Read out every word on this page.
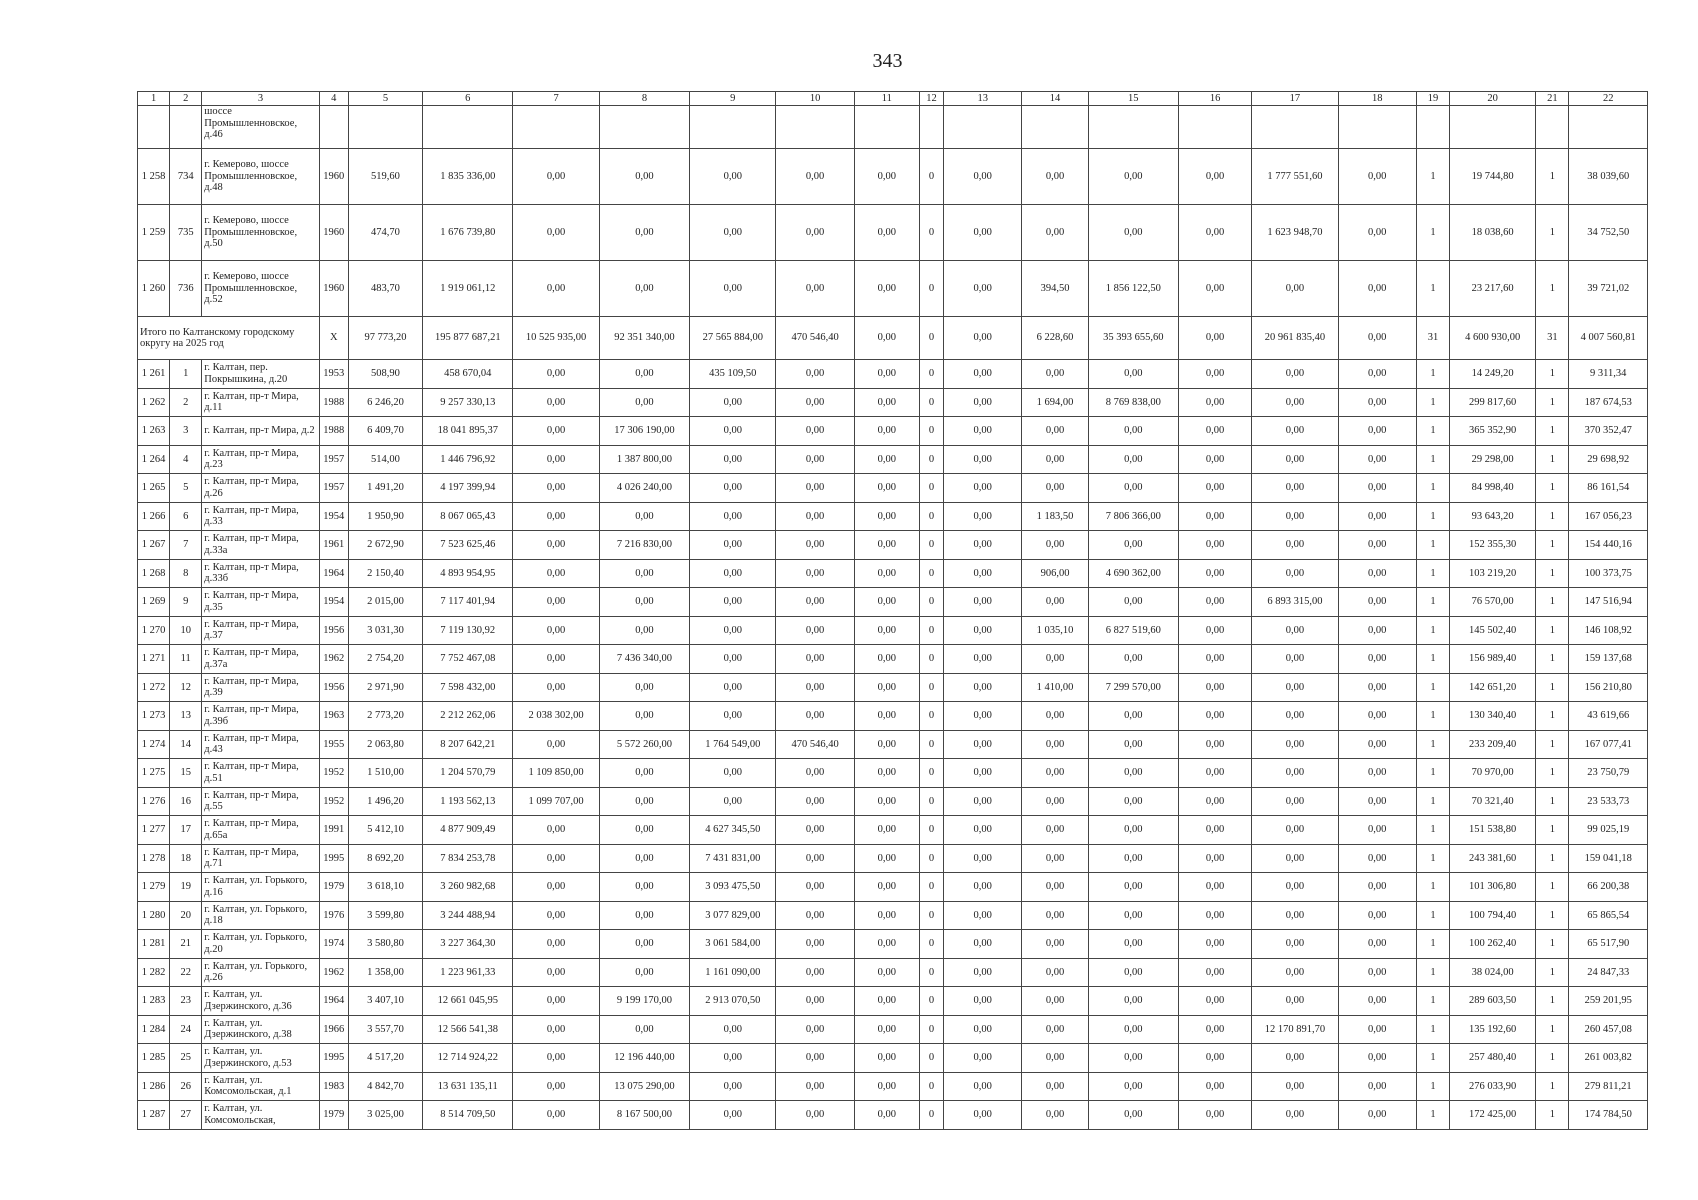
343
1	2	3	4	5	6	7	8	9	10	11	12	13	14	15	16	17	18	19	20	21	22
		шоссе Промышленновское, д.46																			
1 258	734	г. Кемерово, шоссе Промышленновское, д.48	1960	519,60	1 835 336,00	0,00	0,00	0,00	0,00	0,00	0	0,00	0,00	0,00	0,00	1 777 551,60	0,00	1	19 744,80	1	38 039,60
1 259	735	г. Кемерово, шоссе Промышленновское, д.50	1960	474,70	1 676 739,80	0,00	0,00	0,00	0,00	0,00	0	0,00	0,00	0,00	0,00	1 623 948,70	0,00	1	18 038,60	1	34 752,50
1 260	736	г. Кемерово, шоссе Промышленновское, д.52	1960	483,70	1 919 061,12	0,00	0,00	0,00	0,00	0,00	0	0,00	394,50	1 856 122,50	0,00	0,00	0,00	1	23 217,60	1	39 721,02
Итого по Калтанскому городскому округу на 2025 год			X	97 773,20	195 877 687,21	10 525 935,00	92 351 340,00	27 565 884,00	470 546,40	0,00	0	0,00	6 228,60	35 393 655,60	0,00	20 961 835,40	0,00	31	4 600 930,00	31	4 007 560,81
1 261	1	г. Калтан, пер. Покрышкина, д.20	1953	508,90	458 670,04	0,00	0,00	435 109,50	0,00	0,00	0	0,00	0,00	0,00	0,00	0,00	0,00	1	14 249,20	1	9 311,34
1 262	2	г. Калтан, пр-т Мира, д.11	1988	6 246,20	9 257 330,13	0,00	0,00	0,00	0,00	0,00	0	0,00	1 694,00	8 769 838,00	0,00	0,00	0,00	1	299 817,60	1	187 674,53
1 263	3	г. Калтан, пр-т Мира, д.2	1988	6 409,70	18 041 895,37	0,00	17 306 190,00	0,00	0,00	0,00	0	0,00	0,00	0,00	0,00	0,00	0,00	1	365 352,90	1	370 352,47
1 264	4	г. Калтан, пр-т Мира, д.23	1957	514,00	1 446 796,92	0,00	1 387 800,00	0,00	0,00	0,00	0	0,00	0,00	0,00	0,00	0,00	0,00	1	29 298,00	1	29 698,92
1 265	5	г. Калтан, пр-т Мира, д.26	1957	1 491,20	4 197 399,94	0,00	4 026 240,00	0,00	0,00	0,00	0	0,00	0,00	0,00	0,00	0,00	0,00	1	84 998,40	1	86 161,54
1 266	6	г. Калтан, пр-т Мира, д.33	1954	1 950,90	8 067 065,43	0,00	0,00	0,00	0,00	0,00	0	0,00	1 183,50	7 806 366,00	0,00	0,00	0,00	1	93 643,20	1	167 056,23
1 267	7	г. Калтан, пр-т Мира, д.33а	1961	2 672,90	7 523 625,46	0,00	7 216 830,00	0,00	0,00	0,00	0	0,00	0,00	0,00	0,00	0,00	0,00	1	152 355,30	1	154 440,16
1 268	8	г. Калтан, пр-т Мира, д.33б	1964	2 150,40	4 893 954,95	0,00	0,00	0,00	0,00	0,00	0	0,00	906,00	4 690 362,00	0,00	0,00	0,00	1	103 219,20	1	100 373,75
1 269	9	г. Калтан, пр-т Мира, д.35	1954	2 015,00	7 117 401,94	0,00	0,00	0,00	0,00	0,00	0	0,00	0,00	0,00	0,00	6 893 315,00	0,00	1	76 570,00	1	147 516,94
1 270	10	г. Калтан, пр-т Мира, д.37	1956	3 031,30	7 119 130,92	0,00	0,00	0,00	0,00	0,00	0	0,00	1 035,10	6 827 519,60	0,00	0,00	0,00	1	145 502,40	1	146 108,92
1 271	11	г. Калтан, пр-т Мира, д.37а	1962	2 754,20	7 752 467,08	0,00	7 436 340,00	0,00	0,00	0,00	0	0,00	0,00	0,00	0,00	0,00	0,00	1	156 989,40	1	159 137,68
1 272	12	г. Калтан, пр-т Мира, д.39	1956	2 971,90	7 598 432,00	0,00	0,00	0,00	0,00	0,00	0	0,00	1 410,00	7 299 570,00	0,00	0,00	0,00	1	142 651,20	1	156 210,80
1 273	13	г. Калтан, пр-т Мира, д.39б	1963	2 773,20	2 212 262,06	2 038 302,00	0,00	0,00	0,00	0,00	0	0,00	0,00	0,00	0,00	0,00	0,00	1	130 340,40	1	43 619,66
1 274	14	г. Калтан, пр-т Мира, д.43	1955	2 063,80	8 207 642,21	0,00	5 572 260,00	1 764 549,00	470 546,40	0,00	0	0,00	0,00	0,00	0,00	0,00	0,00	1	233 209,40	1	167 077,41
1 275	15	г. Калтан, пр-т Мира, д.51	1952	1 510,00	1 204 570,79	1 109 850,00	0,00	0,00	0,00	0,00	0	0,00	0,00	0,00	0,00	0,00	0,00	1	70 970,00	1	23 750,79
1 276	16	г. Калтан, пр-т Мира, д.55	1952	1 496,20	1 193 562,13	1 099 707,00	0,00	0,00	0,00	0,00	0	0,00	0,00	0,00	0,00	0,00	0,00	1	70 321,40	1	23 533,73
1 277	17	г. Калтан, пр-т Мира, д.65а	1991	5 412,10	4 877 909,49	0,00	0,00	4 627 345,50	0,00	0,00	0	0,00	0,00	0,00	0,00	0,00	0,00	1	151 538,80	1	99 025,19
1 278	18	г. Калтан, пр-т Мира, д.71	1995	8 692,20	7 834 253,78	0,00	0,00	7 431 831,00	0,00	0,00	0	0,00	0,00	0,00	0,00	0,00	0,00	1	243 381,60	1	159 041,18
1 279	19	г. Калтан, ул. Горького, д.16	1979	3 618,10	3 260 982,68	0,00	0,00	3 093 475,50	0,00	0,00	0	0,00	0,00	0,00	0,00	0,00	0,00	1	101 306,80	1	66 200,38
1 280	20	г. Калтан, ул. Горького, д.18	1976	3 599,80	3 244 488,94	0,00	0,00	3 077 829,00	0,00	0,00	0	0,00	0,00	0,00	0,00	0,00	0,00	1	100 794,40	1	65 865,54
1 281	21	г. Калтан, ул. Горького, д.20	1974	3 580,80	3 227 364,30	0,00	0,00	3 061 584,00	0,00	0,00	0	0,00	0,00	0,00	0,00	0,00	0,00	1	100 262,40	1	65 517,90
1 282	22	г. Калтан, ул. Горького, д.26	1962	1 358,00	1 223 961,33	0,00	0,00	1 161 090,00	0,00	0,00	0	0,00	0,00	0,00	0,00	0,00	0,00	1	38 024,00	1	24 847,33
1 283	23	г. Калтан, ул. Дзержинского, д.36	1964	3 407,10	12 661 045,95	0,00	9 199 170,00	2 913 070,50	0,00	0,00	0	0,00	0,00	0,00	0,00	0,00	0,00	1	289 603,50	1	259 201,95
1 284	24	г. Калтан, ул. Дзержинского, д.38	1966	3 557,70	12 566 541,38	0,00	0,00	0,00	0,00	0,00	0	0,00	0,00	0,00	0,00	12 170 891,70	0,00	1	135 192,60	1	260 457,08
1 285	25	г. Калтан, ул. Дзержинского, д.53	1995	4 517,20	12 714 924,22	0,00	12 196 440,00	0,00	0,00	0,00	0	0,00	0,00	0,00	0,00	0,00	0,00	1	257 480,40	1	261 003,82
1 286	26	г. Калтан, ул. Комсомольская, д.1	1983	4 842,70	13 631 135,11	0,00	13 075 290,00	0,00	0,00	0,00	0	0,00	0,00	0,00	0,00	0,00	0,00	1	276 033,90	1	279 811,21
1 287	27	г. Калтан, ул. Комсомольская,	1979	3 025,00	8 514 709,50	0,00	8 167 500,00	0,00	0,00	0,00	0	0,00	0,00	0,00	0,00	0,00	0,00	1	172 425,00	1	174 784,50
